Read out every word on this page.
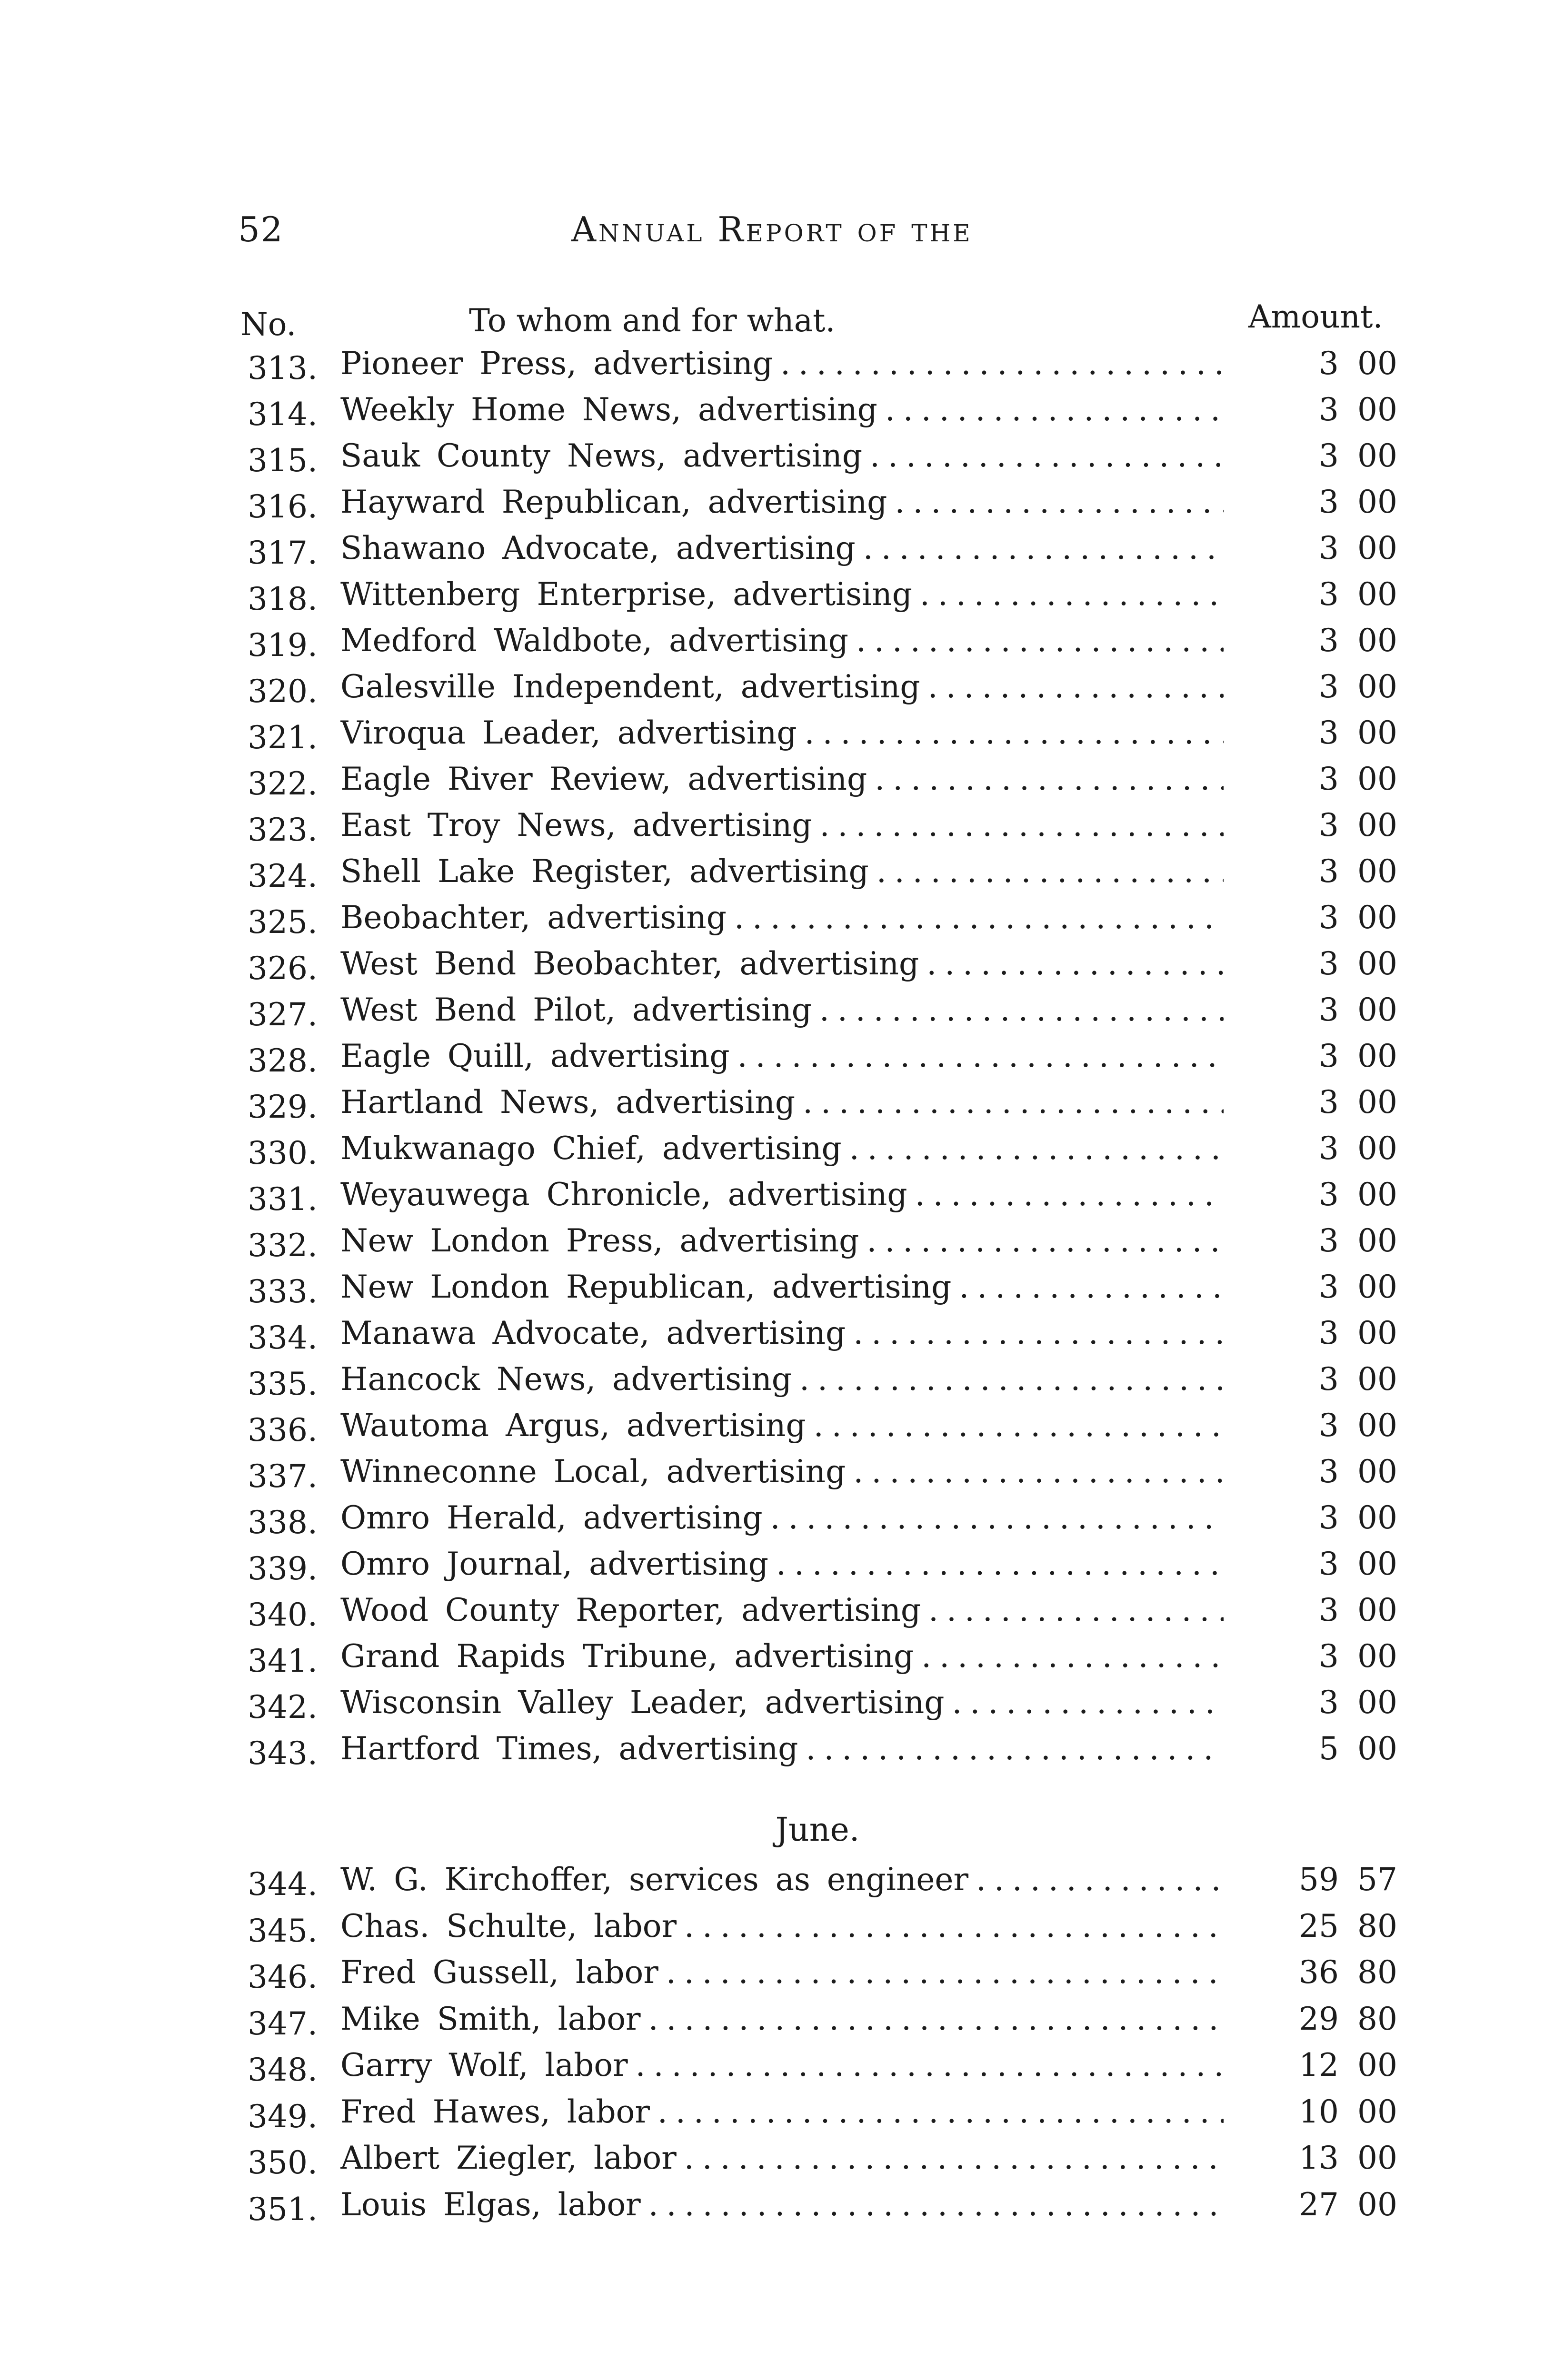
52	Annual Report of the
No.	To whom and for what.	Amount.
313. Pioneer Press, advertising . . .	3 00
314. Weekly Home News, advertising . . .	3 00
315. Sauk County News, advertising . . .	3 00
316. Hayward Republican, advertising . . .	3 00
317. Shawano Advocate, advertising . . .	3 00
318. Wittenberg Enterprise, advertising . . .	3 00
319. Medford Waldbote, advertising . . .	3 00
320. Galesville Independent, advertising . . .	3 00
321. Viroqua Leader, advertising . . .	3 00
322. Eagle River Review, advertising . . .	3 00
323. East Troy News, advertising . . .	3 00
324. Shell Lake Register, advertising . . .	3 00
325. Beobachter, advertising . . .	3 00
326. West Bend Beobachter, advertising . . .	3 00
327. West Bend Pilot, advertising . . .	3 00
328. Eagle Quill, advertising . . .	3 00
329. Hartland News, advertising . . .	3 00
330. Mukwanago Chief, advertising . . .	3 00
331. Weyauwega Chronicle, advertising . . .	3 00
332. New London Press, advertising . . .	3 00
333. New London Republican, advertising . . .	3 00
334. Manawa Advocate, advertising . . .	3 00
335. Hancock News, advertising . . .	3 00
336. Wautoma Argus, advertising . . .	3 00
337. Winneconne Local, advertising . . .	3 00
338. Omro Herald, advertising . . .	3 00
339. Omro Journal, advertising . . .	3 00
340. Wood County Reporter, advertising . . .	3 00
341. Grand Rapids Tribune, advertising . . .	3 00
342. Wisconsin Valley Leader, advertising . . .	3 00
343. Hartford Times, advertising . . .	5 00
June.
344. W. G. Kirchoffer, services as engineer . . .	59 57
345. Chas. Schulte, labor . . .	25 80
346. Fred Gussell, labor . . .	36 80
347. Mike Smith, labor . . .	29 80
348. Garry Wolf, labor . . .	12 00
349. Fred Hawes, labor . . .	10 00
350. Albert Ziegler, labor . . .	13 00
351. Louis Elgas, labor . . .	27 00
